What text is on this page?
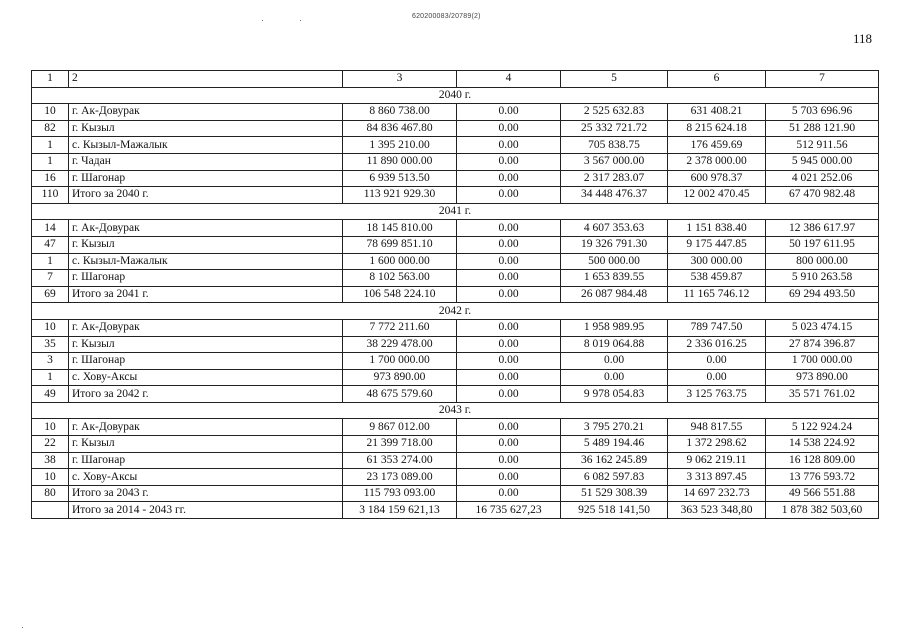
620200083/20789(2)
118
1	2	3	4	5	6	7
2040 г.						
10	г. Ак-Довурак	8 860 738.00	0.00	2 525 632.83	631 408.21	5 703 696.96
82	г. Кызыл	84 836 467.80	0.00	25 332 721.72	8 215 624.18	51 288 121.90
1	с. Кызыл-Мажалык	1 395 210.00	0.00	705 838.75	176 459.69	512 911.56
1	г. Чадан	11 890 000.00	0.00	3 567 000.00	2 378 000.00	5 945 000.00
16	г. Шагонар	6 939 513.50	0.00	2 317 283.07	600 978.37	4 021 252.06
110	Итого за 2040 г.	113 921 929.30	0.00	34 448 476.37	12 002 470.45	67 470 982.48
2041 г.						
14	г. Ак-Довурак	18 145 810.00	0.00	4 607 353.63	1 151 838.40	12 386 617.97
47	г. Кызыл	78 699 851.10	0.00	19 326 791.30	9 175 447.85	50 197 611.95
1	с. Кызыл-Мажалык	1 600 000.00	0.00	500 000.00	300 000.00	800 000.00
7	г. Шагонар	8 102 563.00	0.00	1 653 839.55	538 459.87	5 910 263.58
69	Итого за 2041 г.	106 548 224.10	0.00	26 087 984.48	11 165 746.12	69 294 493.50
2042 г.						
10	г. Ак-Довурак	7 772 211.60	0.00	1 958 989.95	789 747.50	5 023 474.15
35	г. Кызыл	38 229 478.00	0.00	8 019 064.88	2 336 016.25	27 874 396.87
3	г. Шагонар	1 700 000.00	0.00	0.00	0.00	1 700 000.00
1	с. Хову-Аксы	973 890.00	0.00	0.00	0.00	973 890.00
49	Итого за 2042 г.	48 675 579.60	0.00	9 978 054.83	3 125 763.75	35 571 761.02
2043 г.						
10	г. Ак-Довурак	9 867 012.00	0.00	3 795 270.21	948 817.55	5 122 924.24
22	г. Кызыл	21 399 718.00	0.00	5 489 194.46	1 372 298.62	14 538 224.92
38	г. Шагонар	61 353 274.00	0.00	36 162 245.89	9 062 219.11	16 128 809.00
10	с. Хову-Аксы	23 173 089.00	0.00	6 082 597.83	3 313 897.45	13 776 593.72
80	Итого за 2043 г.	115 793 093.00	0.00	51 529 308.39	14 697 232.73	49 566 551.88
	Итого за 2014 - 2043 гг.	3 184 159 621,13	16 735 627,23	925 518 141,50	363 523 348,80	1 878 382 503,60
